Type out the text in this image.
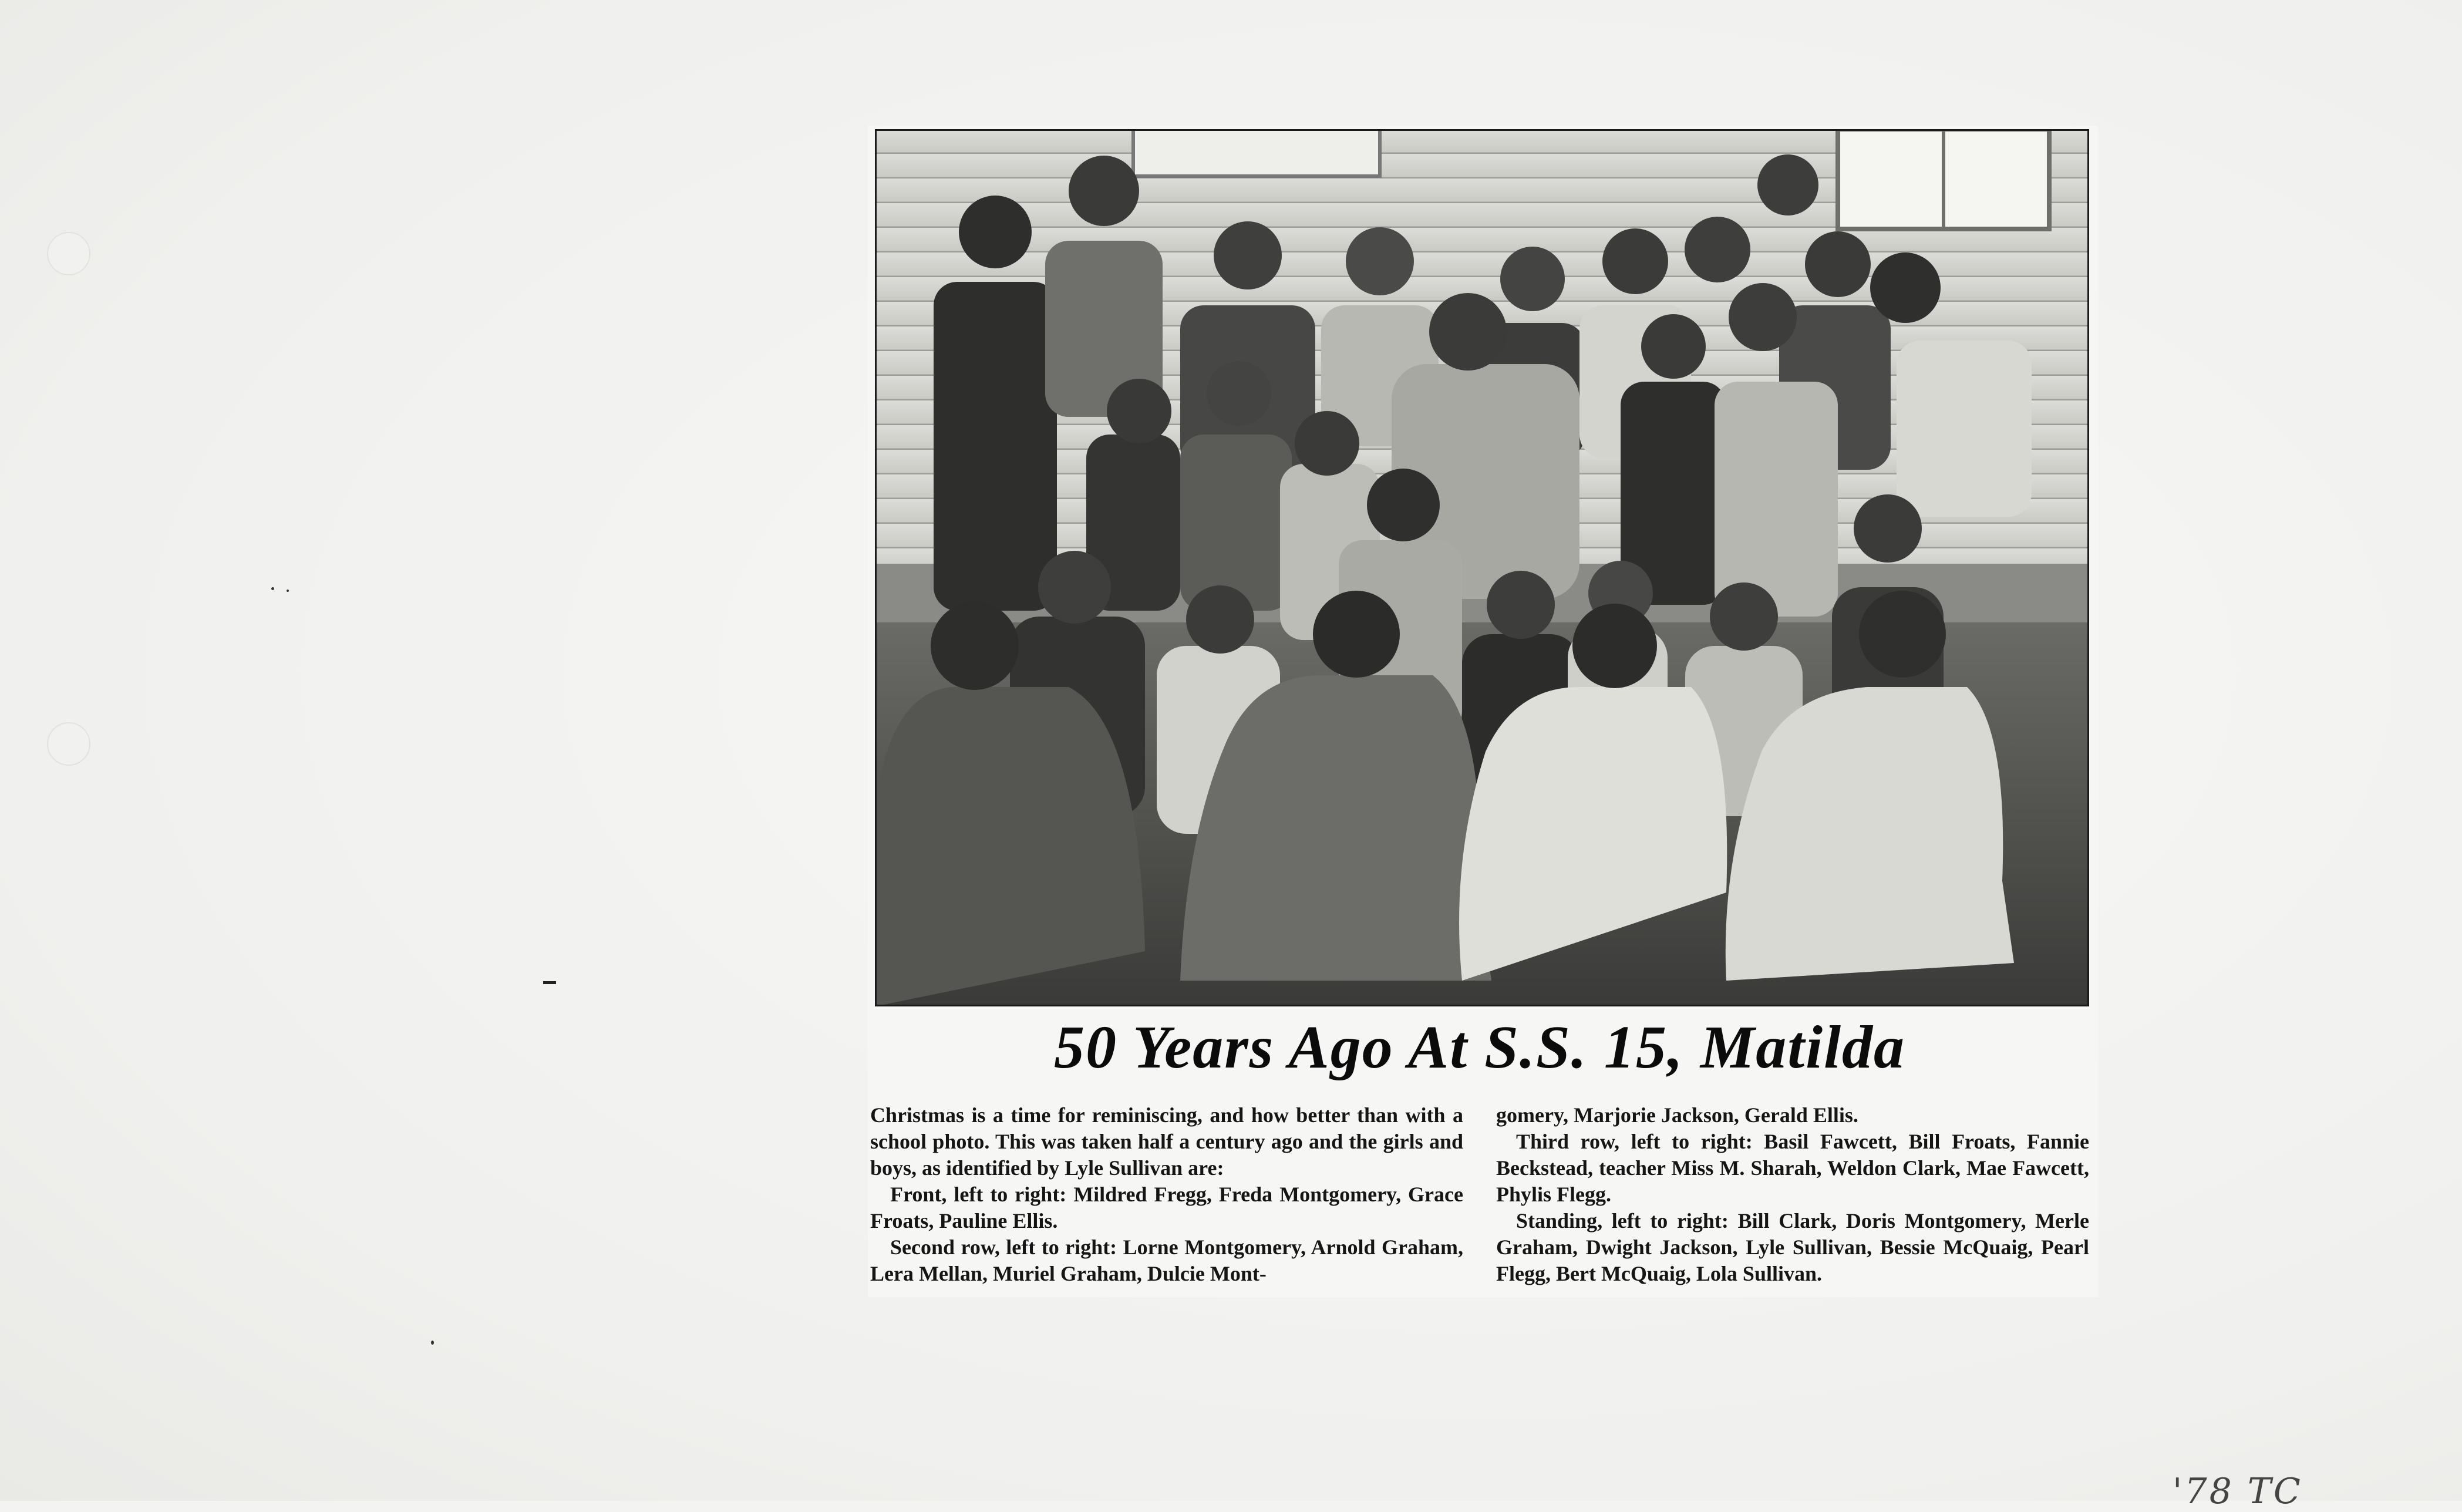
50 Years Ago At S.S. 15, Matilda

Christmas is a time for reminiscing, and how better than with a school photo. This was taken half a century ago and the girls and boys, as identified by Lyle Sullivan are:

Front, left to right: Mildred Fregg, Freda Montgomery, Grace Froats, Pauline Ellis.

Second row, left to right: Lorne Montgomery, Arnold Graham, Lera Mellan, Muriel Graham, Dulcie Mont-

gomery, Marjorie Jackson, Gerald Ellis.

Third row, left to right: Basil Fawcett, Bill Froats, Fannie Beckstead, teacher Miss M. Sharah, Weldon Clark, Mae Fawcett, Phylis Flegg.

Standing, left to right: Bill Clark, Doris Montgomery, Merle Graham, Dwight Jackson, Lyle Sullivan, Bessie McQuaig, Pearl Flegg, Bert McQuaig, Lola Sullivan.

'78 TC
